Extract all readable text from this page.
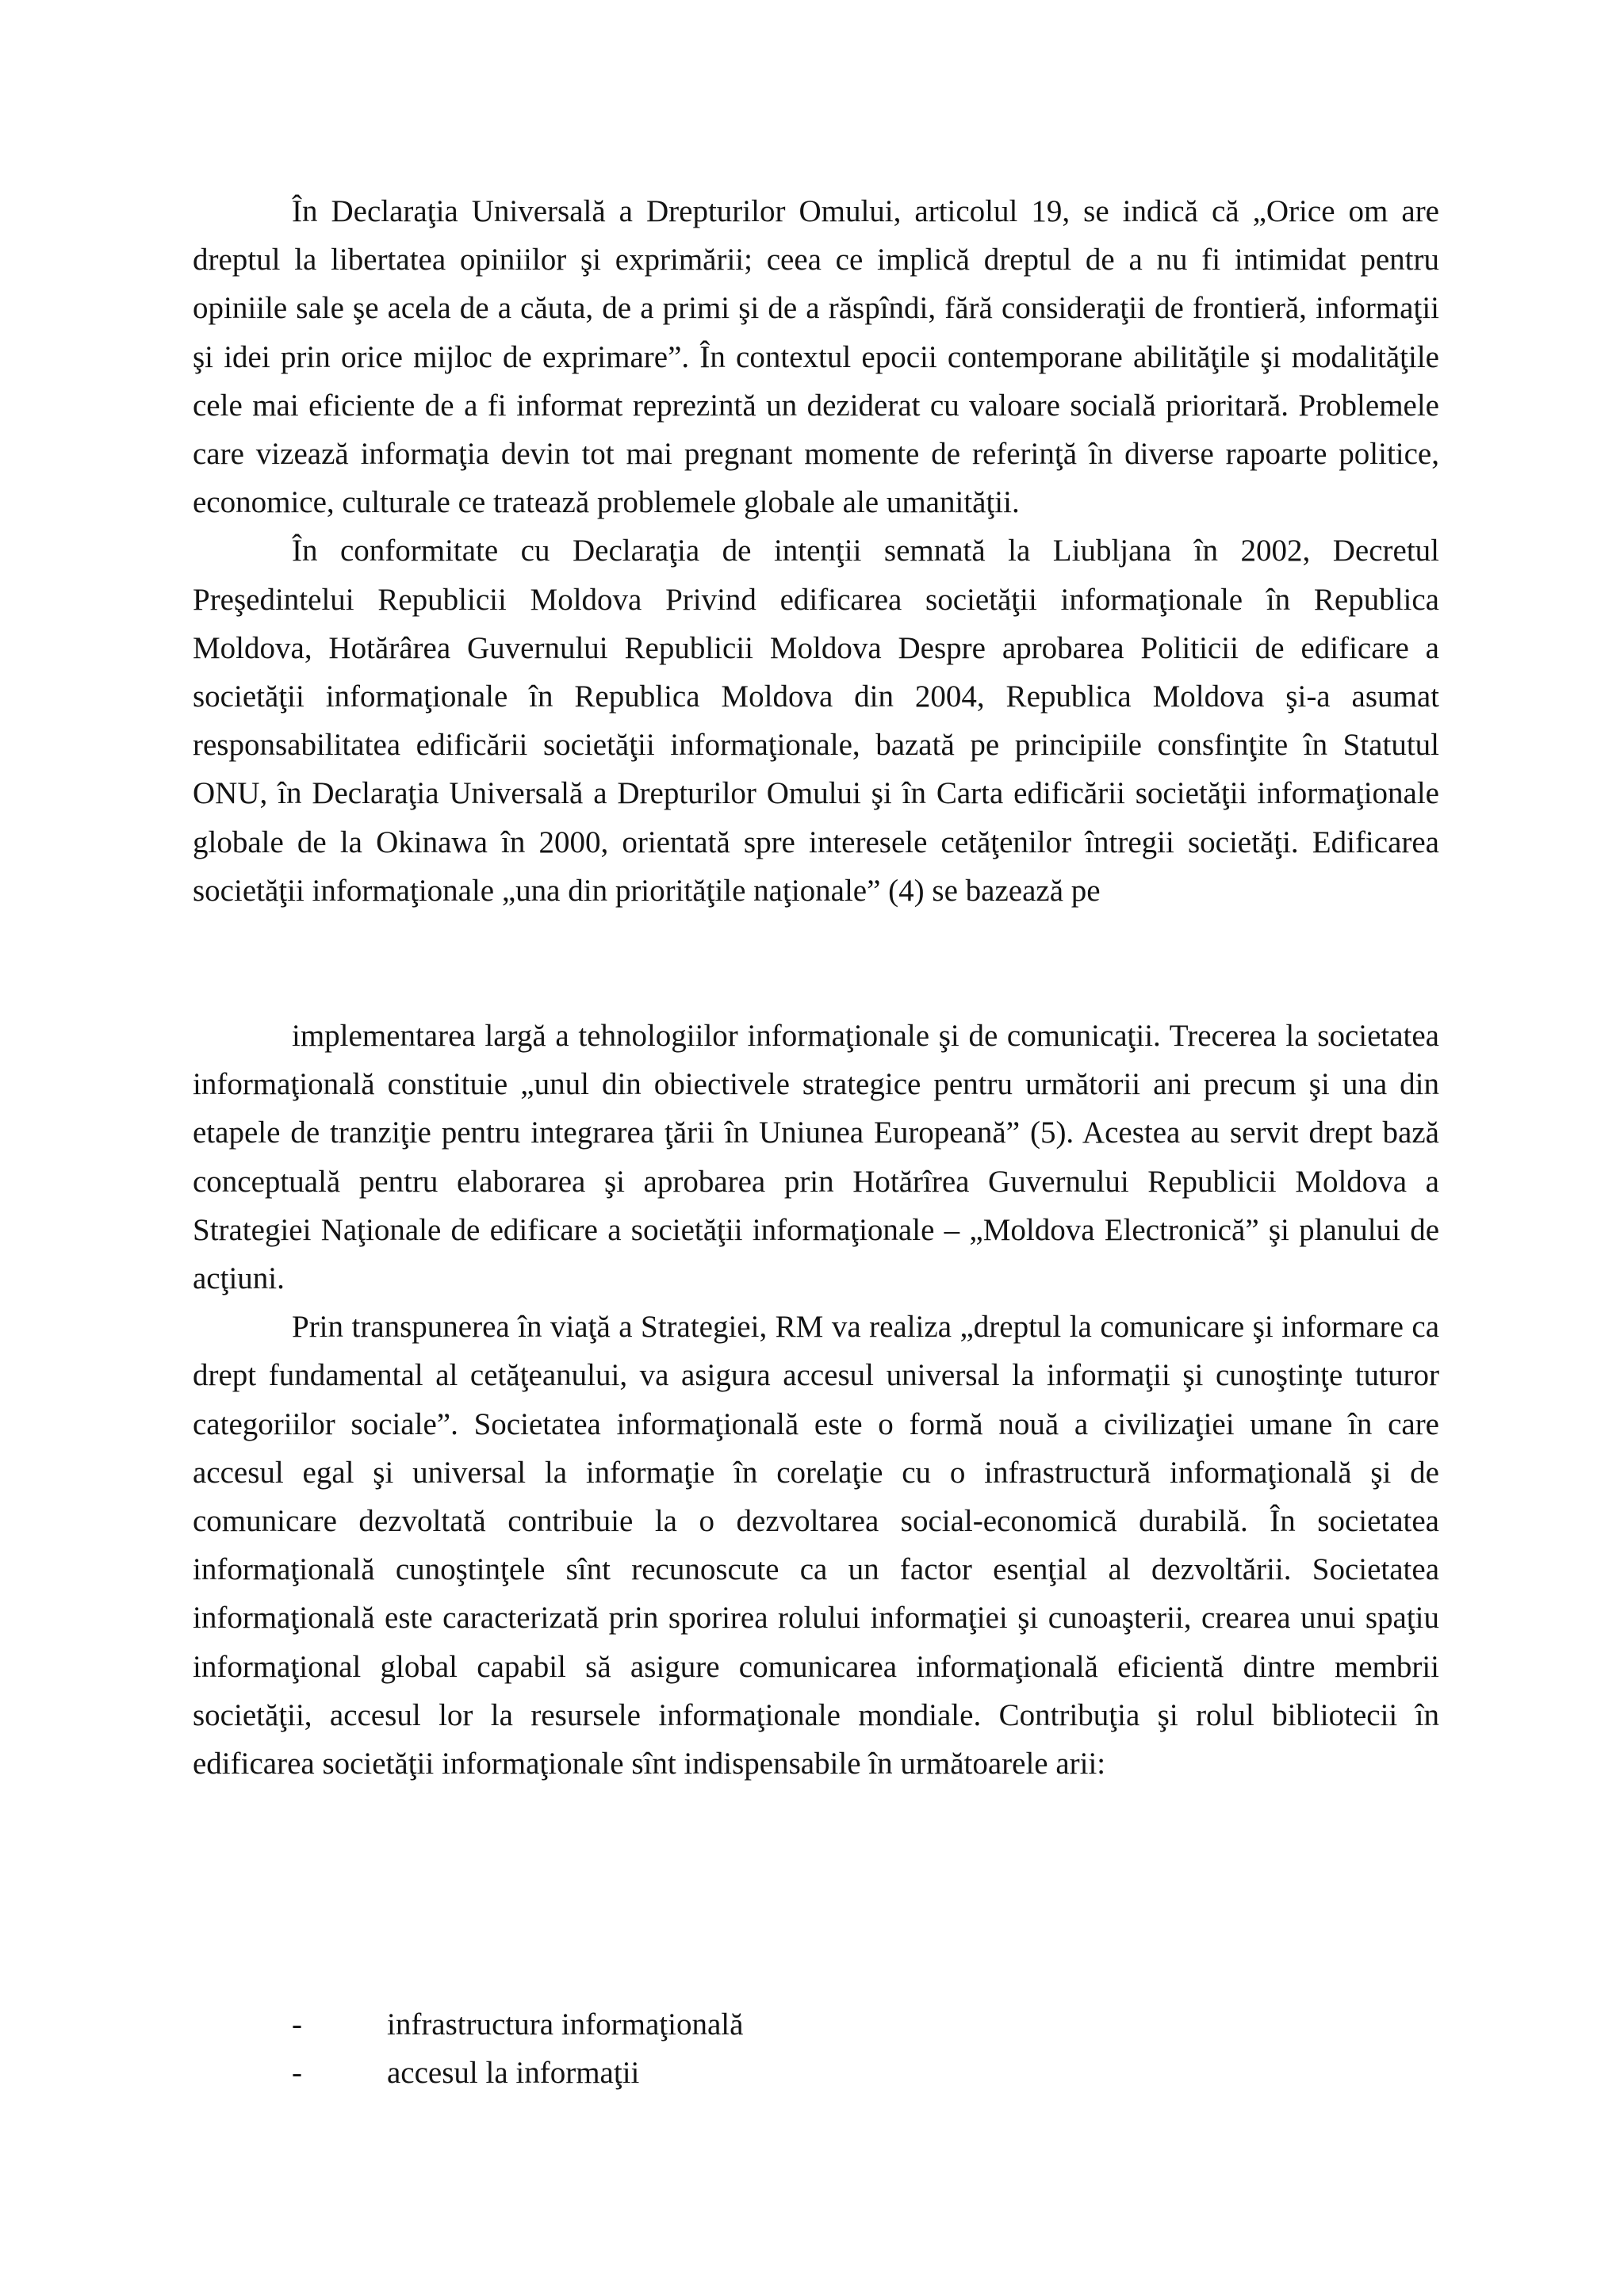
În Declaraţia Universală a Drepturilor Omului, articolul 19, se indică că „Orice om are dreptul la libertatea opiniilor şi exprimării; ceea ce implică dreptul de a nu fi intimidat pentru opiniile sale şe acela de a căuta, de a primi şi de a răspîndi, fără consideraţii de frontieră, informaţii şi idei prin orice mijloc de exprimare”. În contextul epocii contemporane abilităţile şi modalităţile cele mai eficiente de a fi informat reprezintă un deziderat cu valoare socială prioritară. Problemele care vizează informaţia devin tot mai pregnant momente de referinţă în diverse rapoarte politice, economice, culturale ce tratează problemele globale ale umanităţii.

În conformitate cu Declaraţia de intenţii semnată la Liubljana în 2002, Decretul Preşedintelui Republicii Moldova Privind edificarea societăţii informaţionale în Republica Moldova, Hotărârea Guvernului Republicii Moldova Despre aprobarea Politicii de edificare a societăţii informaţionale în Republica Moldova din 2004, Republica Moldova şi-a asumat responsabilitatea edificării societăţii informaţionale, bazată pe principiile consfinţite în Statutul ONU, în Declaraţia Universală a Drepturilor Omului şi în Carta edificării societăţii informaţionale globale de la Okinawa în 2000, orientată spre interesele cetăţenilor întregii societăţi. Edificarea societăţii informaţionale „una din priorităţile naţionale” (4) se bazează pe

implementarea largă a tehnologiilor informaţionale şi de comunicaţii. Trecerea la societatea informaţională constituie „unul din obiectivele strategice pentru următorii ani precum şi una din etapele de tranziţie pentru integrarea ţării în Uniunea Europeană” (5). Acestea au servit drept bază conceptuală pentru elaborarea şi aprobarea prin Hotărîrea Guvernului Republicii Moldova a Strategiei Naţionale de edificare a societăţii informaţionale – „Moldova Electronică” şi planului de acţiuni.

Prin transpunerea în viaţă a Strategiei, RM va realiza „dreptul la comunicare şi informare ca drept fundamental al cetăţeanului, va asigura accesul universal la informaţii şi cunoştinţe tuturor categoriilor sociale”. Societatea informaţională este o formă nouă a civilizaţiei umane în care accesul egal şi universal la informaţie în corelaţie cu o infrastructură informaţională şi de comunicare dezvoltată contribuie la o dezvoltarea social-economică durabilă. În societatea informaţională cunoştinţele sînt recunoscute ca un factor esenţial al dezvoltării. Societatea informaţională este caracterizată prin sporirea rolului informaţiei şi cunoaşterii, crearea unui spaţiu informaţional global capabil să asigure comunicarea informaţională eficientă dintre membrii societăţii, accesul lor la resursele informaţionale mondiale. Contribuţia şi rolul bibliotecii în edificarea societăţii informaţionale sînt indispensabile în următoarele arii:

-	infrastructura informaţională
-	accesul la informaţii
